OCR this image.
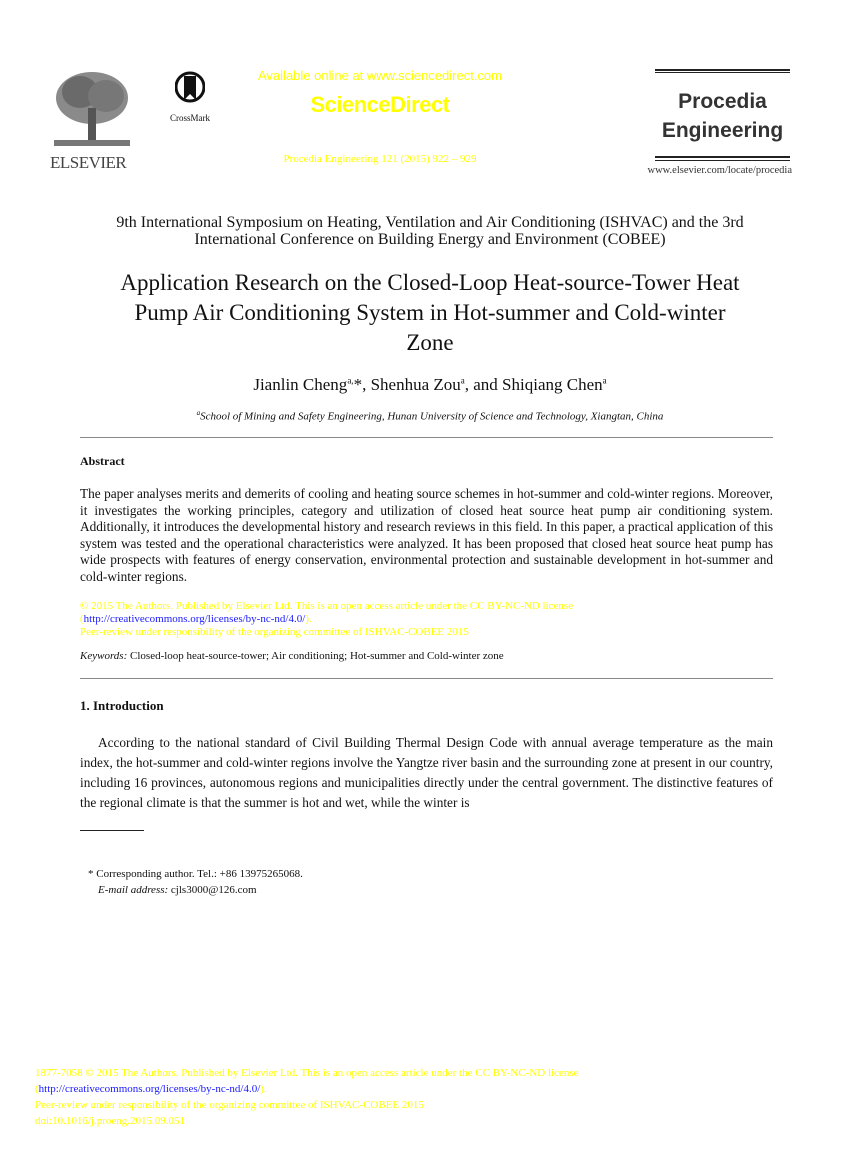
ELSEVIER
CrossMark
Available online at www.sciencedirect.com
ScienceDirect
Procedia Engineering 121 (2015) 922 – 929
Procedia
Engineering
www.elsevier.com/locate/procedia
9th International Symposium on Heating, Ventilation and Air Conditioning (ISHVAC) and the 3rd
International Conference on Building Energy and Environment (COBEE)
Application Research on the Closed-Loop Heat-source-Tower Heat
Pump Air Conditioning System in Hot-summer and Cold-winter
Zone
Jianlin Cheng$^{a,}$*, Shenhua Zou$^a$, and Shiqiang Chen$^a$
$^a$School of Mining and Safety Engineering, Hunan University of Science and Technology, Xiangtan, China
Abstract
The paper analyses merits and demerits of cooling and heating source schemes in hot-summer and cold-winter regions. Moreover, it investigates the working principles, category and utilization of closed heat source heat pump air conditioning system. Additionally, it introduces the developmental history and research reviews in this field. In this paper, a practical application of this system was tested and the operational characteristics were analyzed. It has been proposed that closed heat source heat pump has wide prospects with features of energy conservation, environmental protection and sustainable development in hot-summer and cold-winter regions.
© 2015 The Authors. Published by Elsevier Ltd. This is an open access article under the CC BY-NC-ND license
(http://creativecommons.org/licenses/by-nc-nd/4.0/).
Peer-review under responsibility of the organizing committee of ISHVAC-COBEE 2015
Keywords: Closed-loop heat-source-tower; Air conditioning; Hot-summer and Cold-winter zone
1. Introduction
According to the national standard of Civil Building Thermal Design Code with annual average temperature as the main index, the hot-summer and cold-winter regions involve the Yangtze river basin and the surrounding zone at present in our country, including 16 provinces, autonomous regions and municipalities directly under the central government. The distinctive features of the regional climate is that the summer is hot and wet, while the winter is
* Corresponding author. Tel.: +86 13975265068.
E-mail address: cjls3000@126.com
1877-7058 © 2015 The Authors. Published by Elsevier Ltd. This is an open access article under the CC BY-NC-ND license
(http://creativecommons.org/licenses/by-nc-nd/4.0/).
Peer-review under responsibility of the organizing committee of ISHVAC-COBEE 2015
doi:10.1016/j.proeng.2015.09.051
